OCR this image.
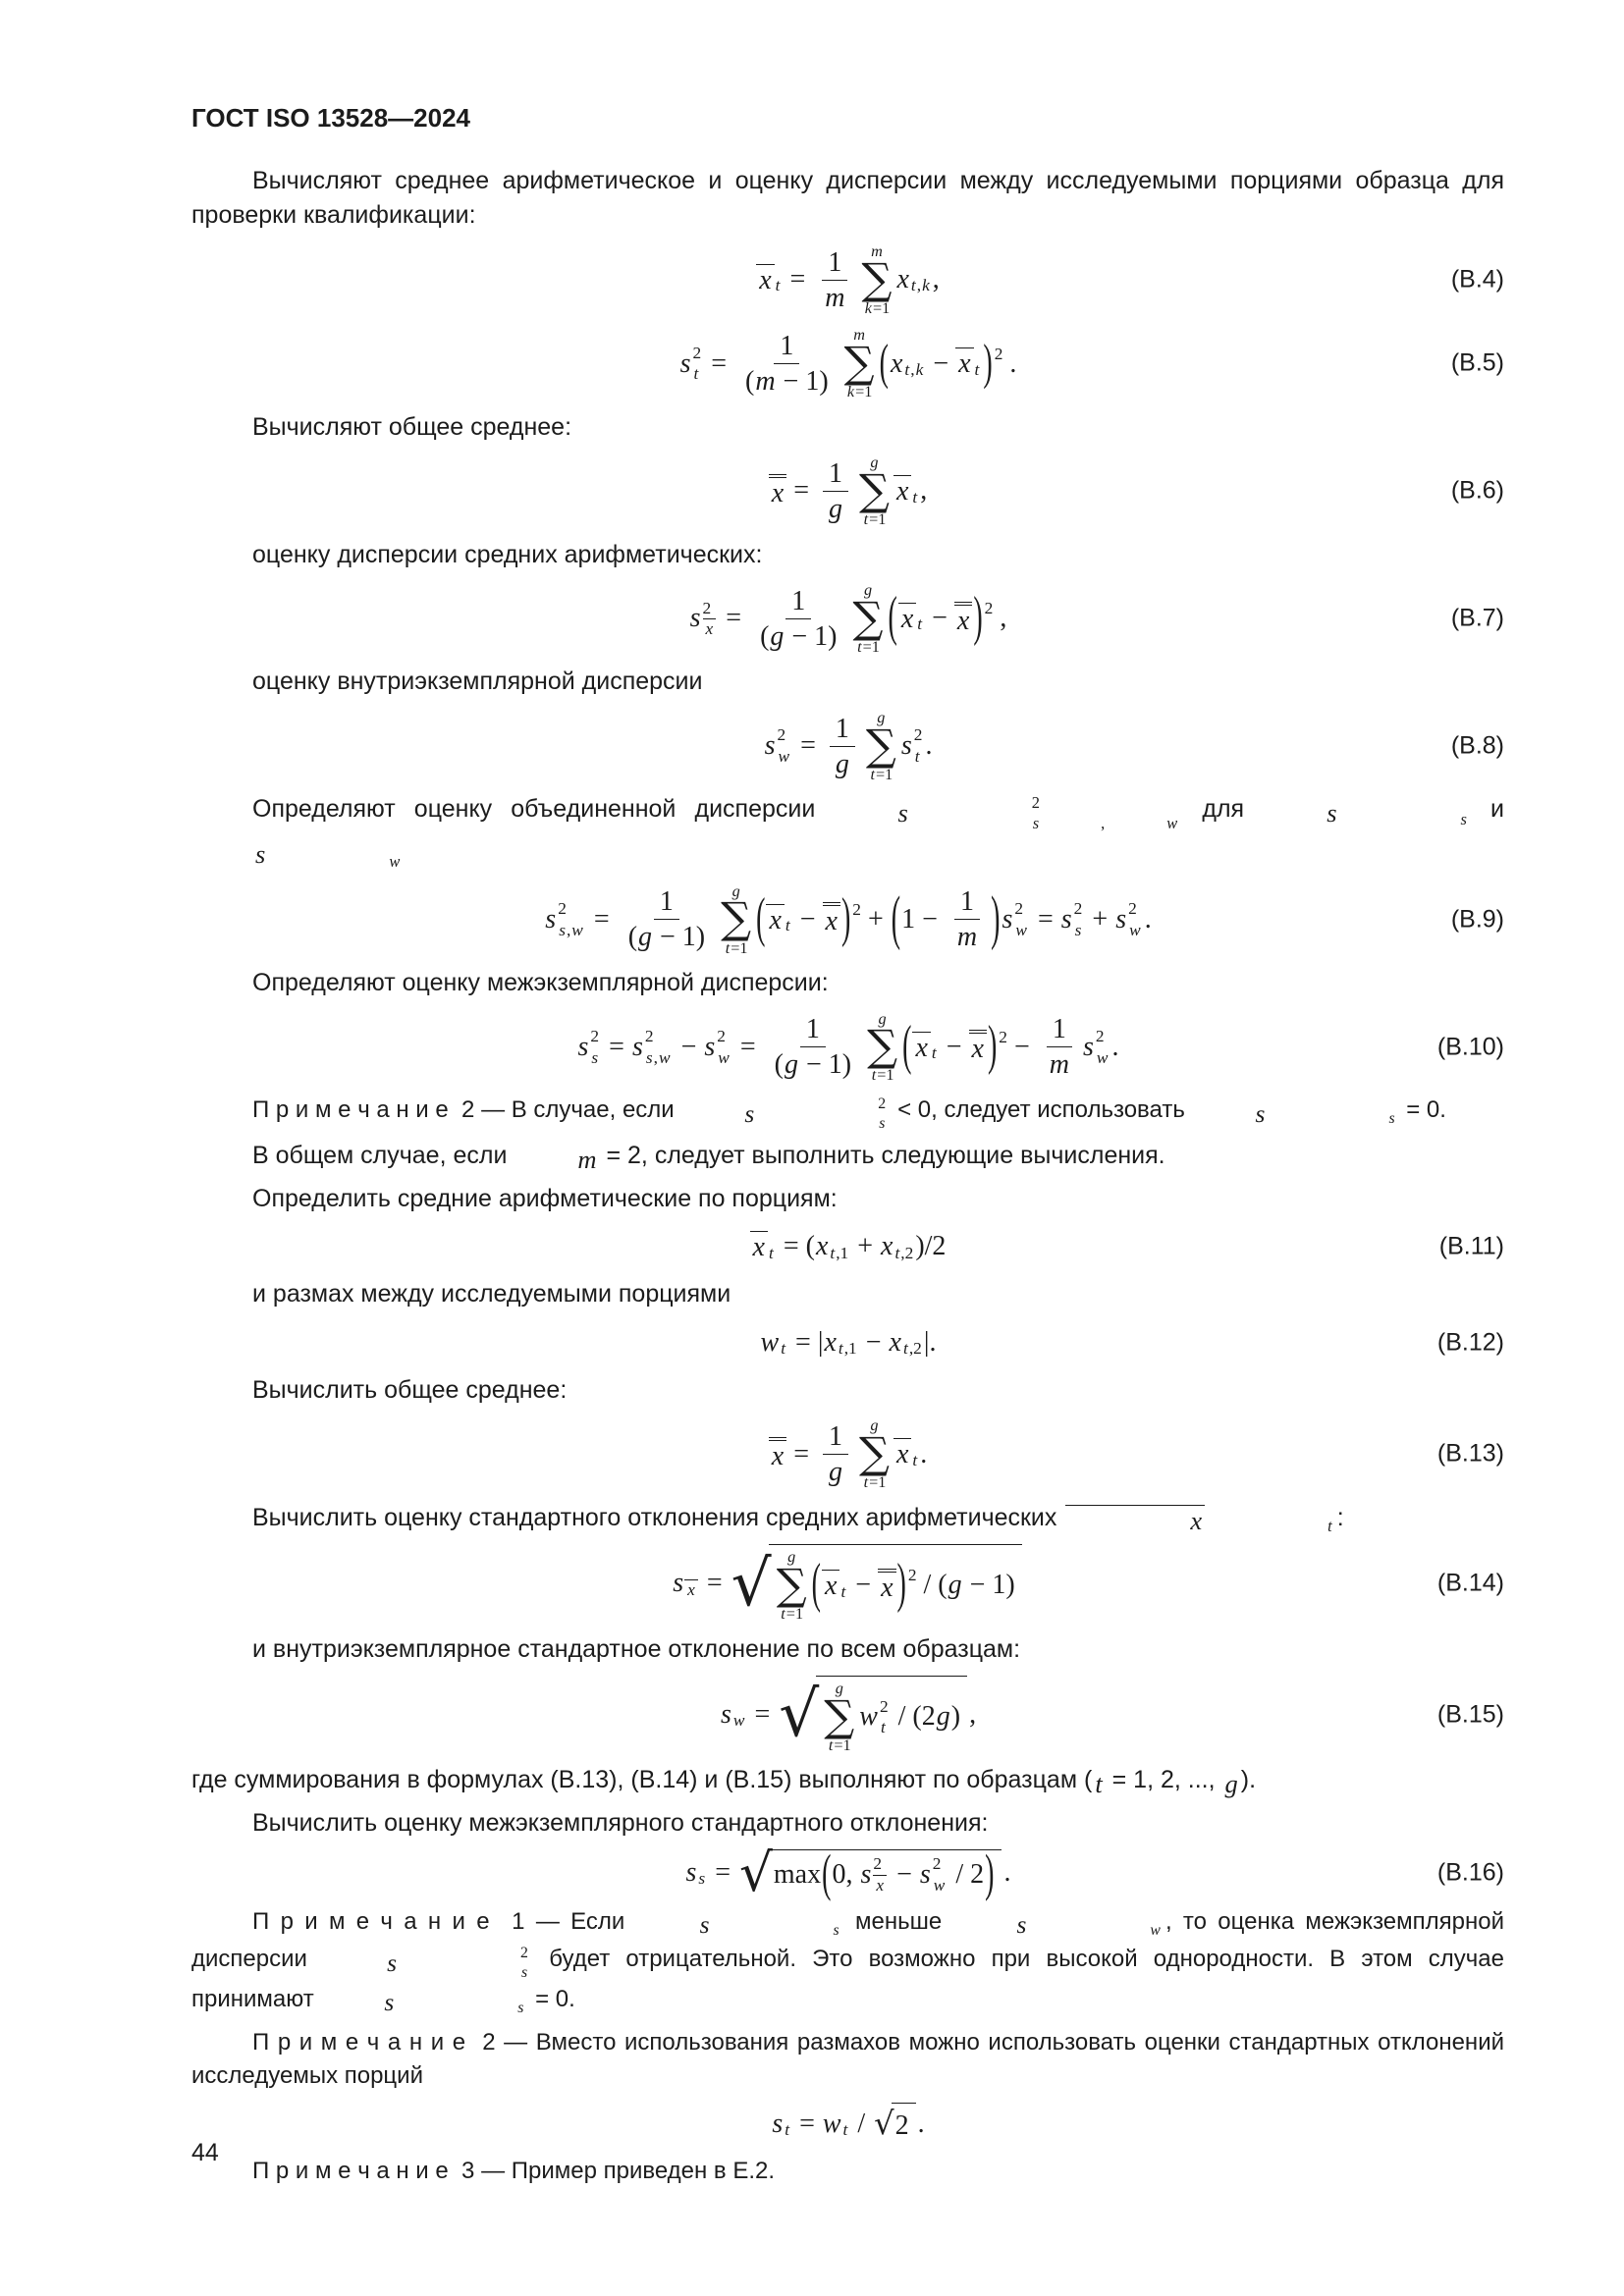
ГОСТ ISO 13528—2024
Вычисляют среднее арифметическое и оценку дисперсии между исследуемыми порциями образца для проверки квалификации:
x $t = \frac{1}{m}$ m
∑
k =1
x t , k ,	(В.4)
s 2
$t = \frac{1}{( m - 1)}$ m
∑
k =1
( x t , k − x t ) 2 .	(В.5)
Вычисляют общее среднее:
$x = \frac{1}{g}$ g
∑
t =1
x t ,	(В.6)
оценку дисперсии средних арифметических:
s 2
$x = \frac{1}{( g - 1)}$ g
∑
t =1 ( x t − x ) 2 ,	(В.7)
оценку внутриэкземплярной дисперсии
s 2
$w = \frac{1}{g}$ g
∑
t =1
s 2
t .	(В.8)
Определяют оценку объединенной дисперсии	s	2
s	,	w
для	s	s и
s	w
s 2
s , $w = \frac{1}{( g - 1)}$ g
∑
t =1 ( x t − x ) 2 + ( $1 - \frac{1}{m}$ ) s 2
w = s 2
s + s 2
w .	(В.9)
Определяют оценку межэкземплярной дисперсии:
s 2
s = s 2
s , w − s 2
$w = \frac{1}{( g - 1)}$ g
∑
t =1 ( x t − x ) $2 - \frac{1}{m}$ s 2
w .	(В.10)
П р и м е ч а н и е  2 — В случае, если	s	2
s
< 0, следует использовать	s	s = 0.
В общем случае, если	m = 2, следует выполнить следующие вычисления.
Определить средние арифметические по порциям:
x t = ( x t ,1 + x t ,2 )/2	(В.11)
и размах между исследуемыми порциями
w t = | x t ,1 − x t ,2 |.	(В.12)
Вычислить общее среднее:
$x = \frac{1}{g}$ g
∑
t =1
x t .	(В.13)
Вычислить оценку стандартного отклонения средних арифметических	x	t :
s x = √ g
∑
t =1 ( x t − x ) 2 / ( g − 1)	(В.14)
и внутриэкземплярное стандартное отклонение по всем образцам:
s w = √ g
∑
t =1
w 2
t / (2 g ) ,	(В.15)
где суммирования в формулах (В.13), (В.14) и (В.15) выполняют по образцам ( t = 1, 2, ..., g ).
Вычислить оценку межэкземплярного стандартного отклонения:
s s = √ max ( 0, s 2
x − s 2
w / 2 ) .	(В.16)
П р и м е ч а н и е  1 — Если	s	s меньше	s	w , то оценка межэкземплярной дисперсии	s	2
s
будет отрицательной. Это возможно при высокой однородности. В этом случае принимают	s	s = 0.
П р и м е ч а н и е  2 — Вместо использования размахов можно использовать оценки стандартных отклонений исследуемых порций
s t = w t / √ 2 .
П р и м е ч а н и е  3 — Пример приведен в Е.2.
44
